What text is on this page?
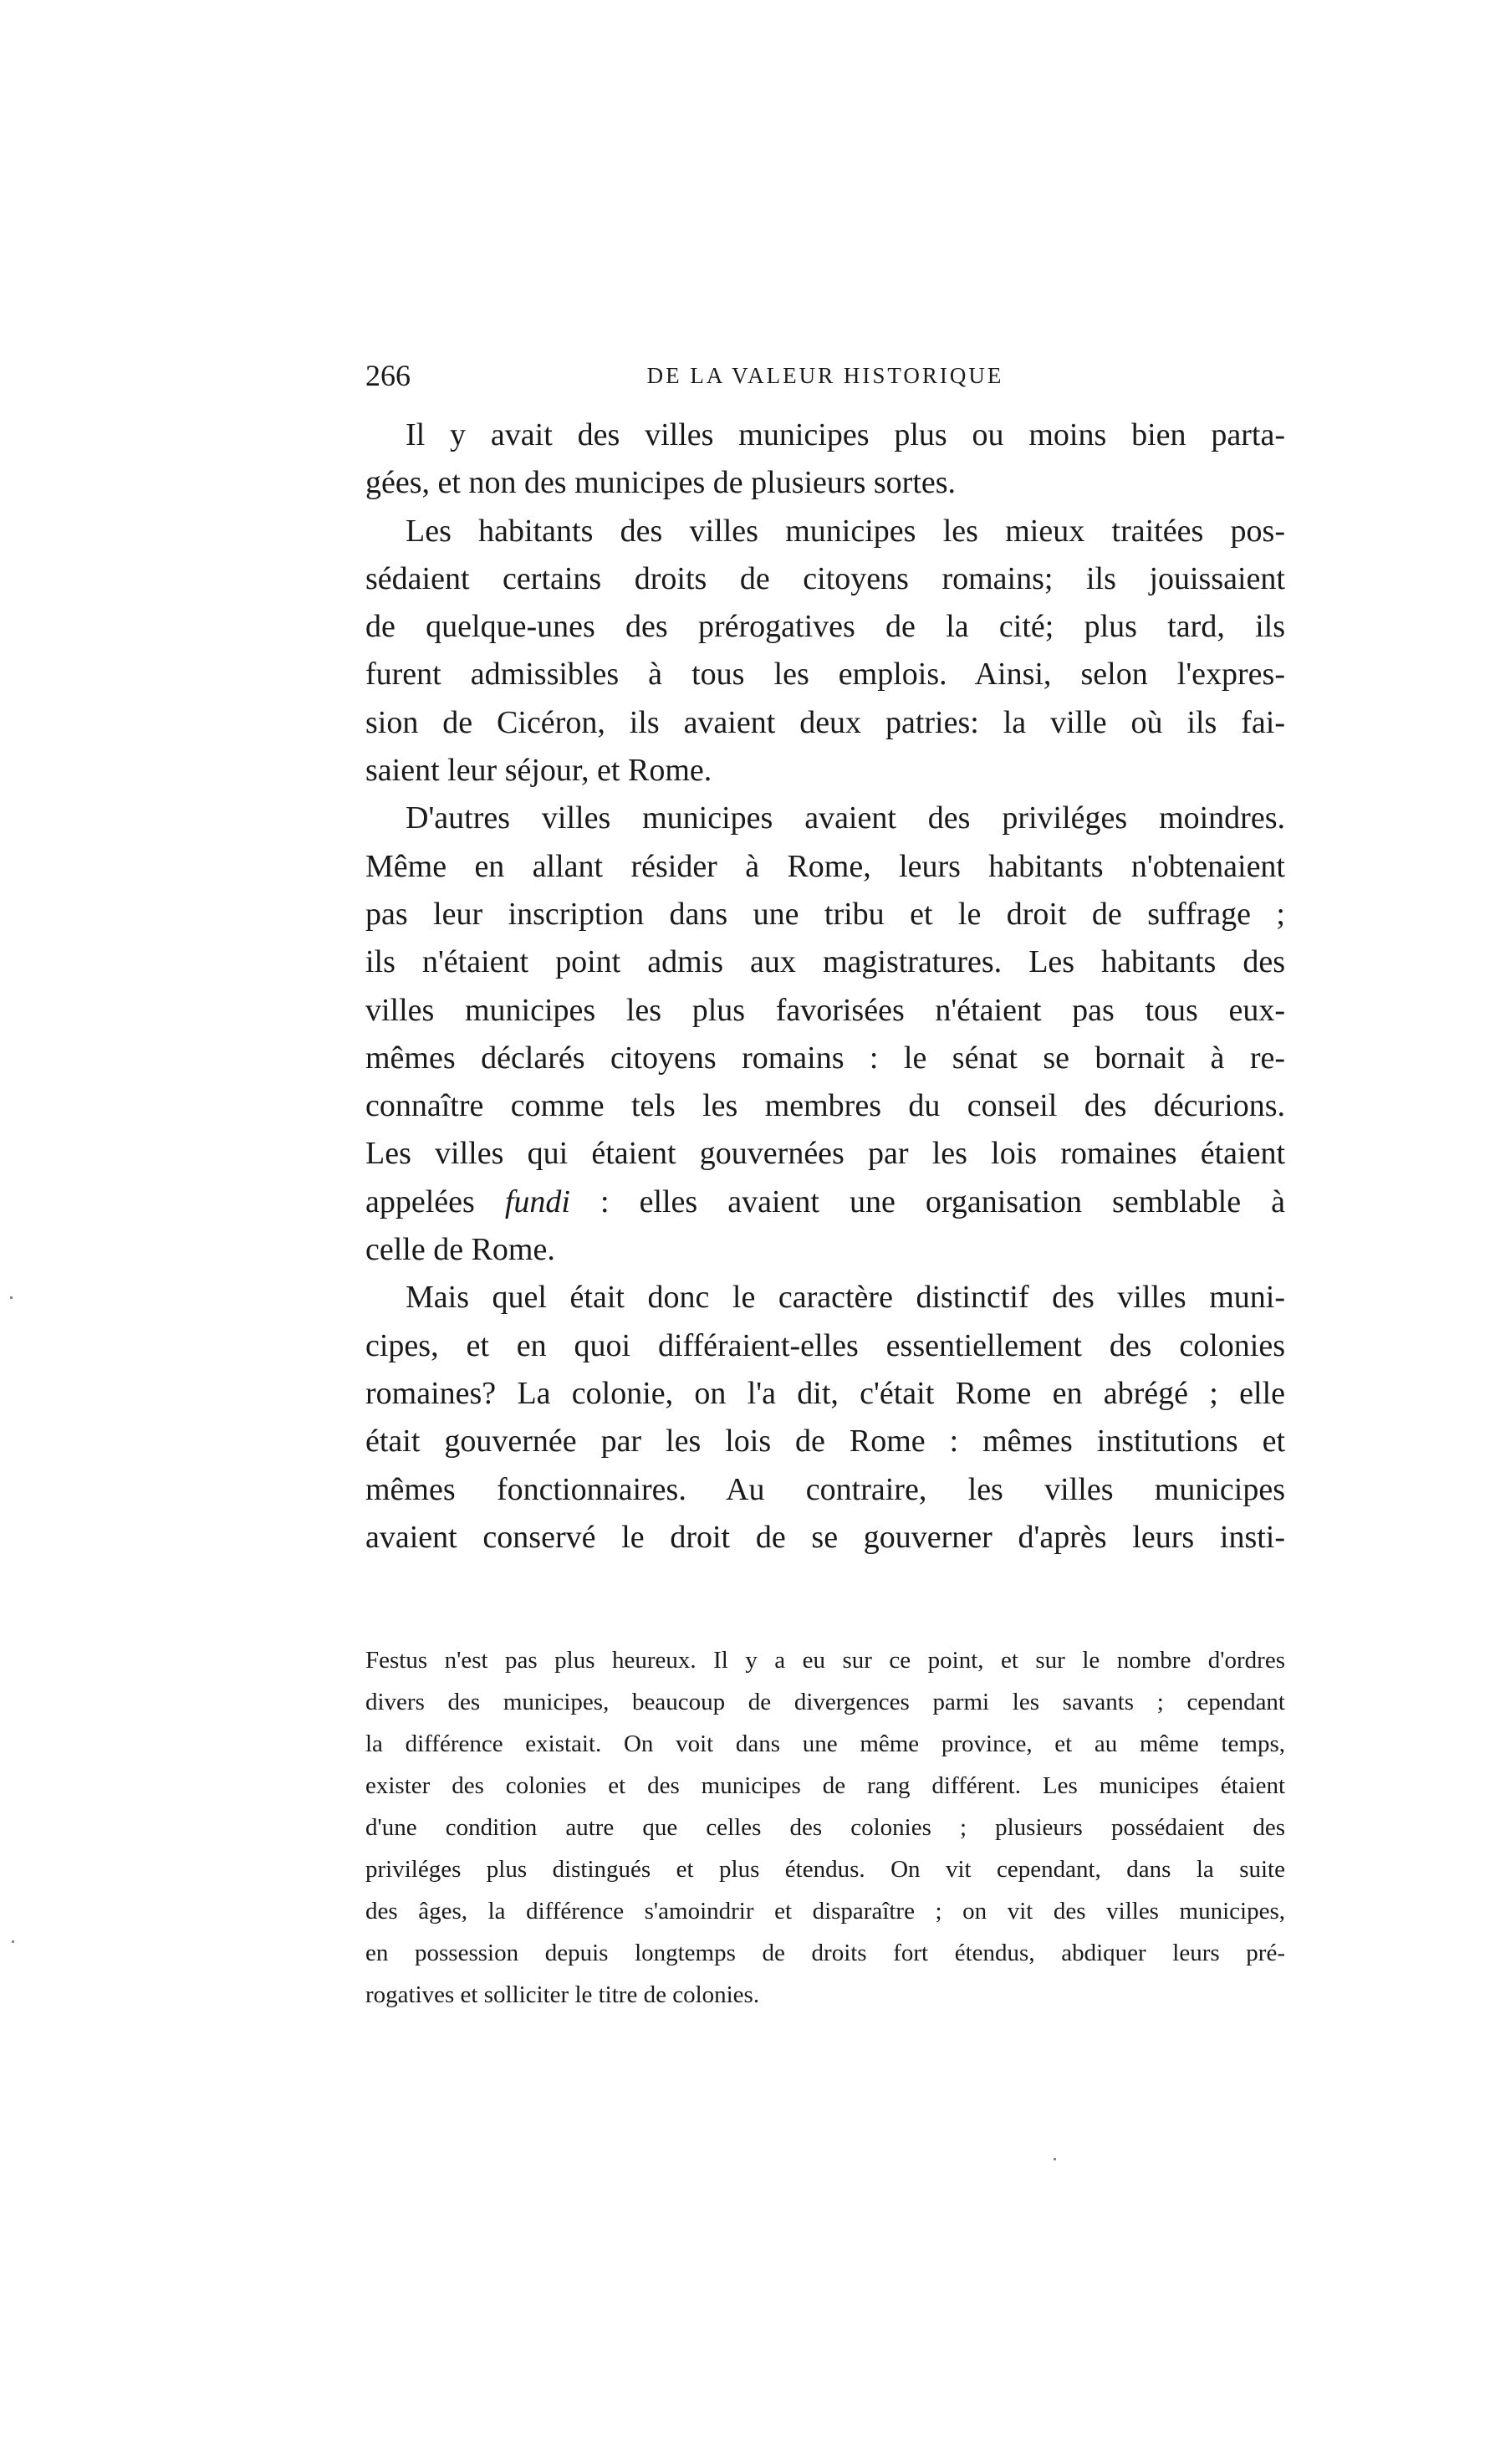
266	DE LA VALEUR HISTORIQUE
Il y avait des villes municipes plus ou moins bien parta-
gées, et non des municipes de plusieurs sortes.
Les habitants des villes municipes les mieux traitées pos-
sédaient certains droits de citoyens romains; ils jouissaient
de quelque-unes des prérogatives de la cité; plus tard, ils
furent admissibles à tous les emplois. Ainsi, selon l'expres-
sion de Cicéron, ils avaient deux patries: la ville où ils fai-
saient leur séjour, et Rome.
D'autres villes municipes avaient des priviléges moindres.
Même en allant résider à Rome, leurs habitants n'obtenaient
pas leur inscription dans une tribu et le droit de suffrage ;
ils n'étaient point admis aux magistratures. Les habitants des
villes municipes les plus favorisées n'étaient pas tous eux-
mêmes déclarés citoyens romains : le sénat se bornait à re-
connaître comme tels les membres du conseil des décurions.
Les villes qui étaient gouvernées par les lois romaines étaient
appelées fundi : elles avaient une organisation semblable à
celle de Rome.
Mais quel était donc le caractère distinctif des villes muni-
cipes, et en quoi différaient-elles essentiellement des colonies
romaines? La colonie, on l'a dit, c'était Rome en abrégé ; elle
était gouvernée par les lois de Rome : mêmes institutions et
mêmes fonctionnaires. Au contraire, les villes municipes
avaient conservé le droit de se gouverner d'après leurs insti-
Festus n'est pas plus heureux. Il y a eu sur ce point, et sur le nombre d'ordres
divers des municipes, beaucoup de divergences parmi les savants ; cependant
la différence existait. On voit dans une même province, et au même temps,
exister des colonies et des municipes de rang différent. Les municipes étaient
d'une condition autre que celles des colonies ; plusieurs possédaient des
priviléges plus distingués et plus étendus. On vit cependant, dans la suite
des âges, la différence s'amoindrir et disparaître ; on vit des villes municipes,
en possession depuis longtemps de droits fort étendus, abdiquer leurs pré-
rogatives et solliciter le titre de colonies.
